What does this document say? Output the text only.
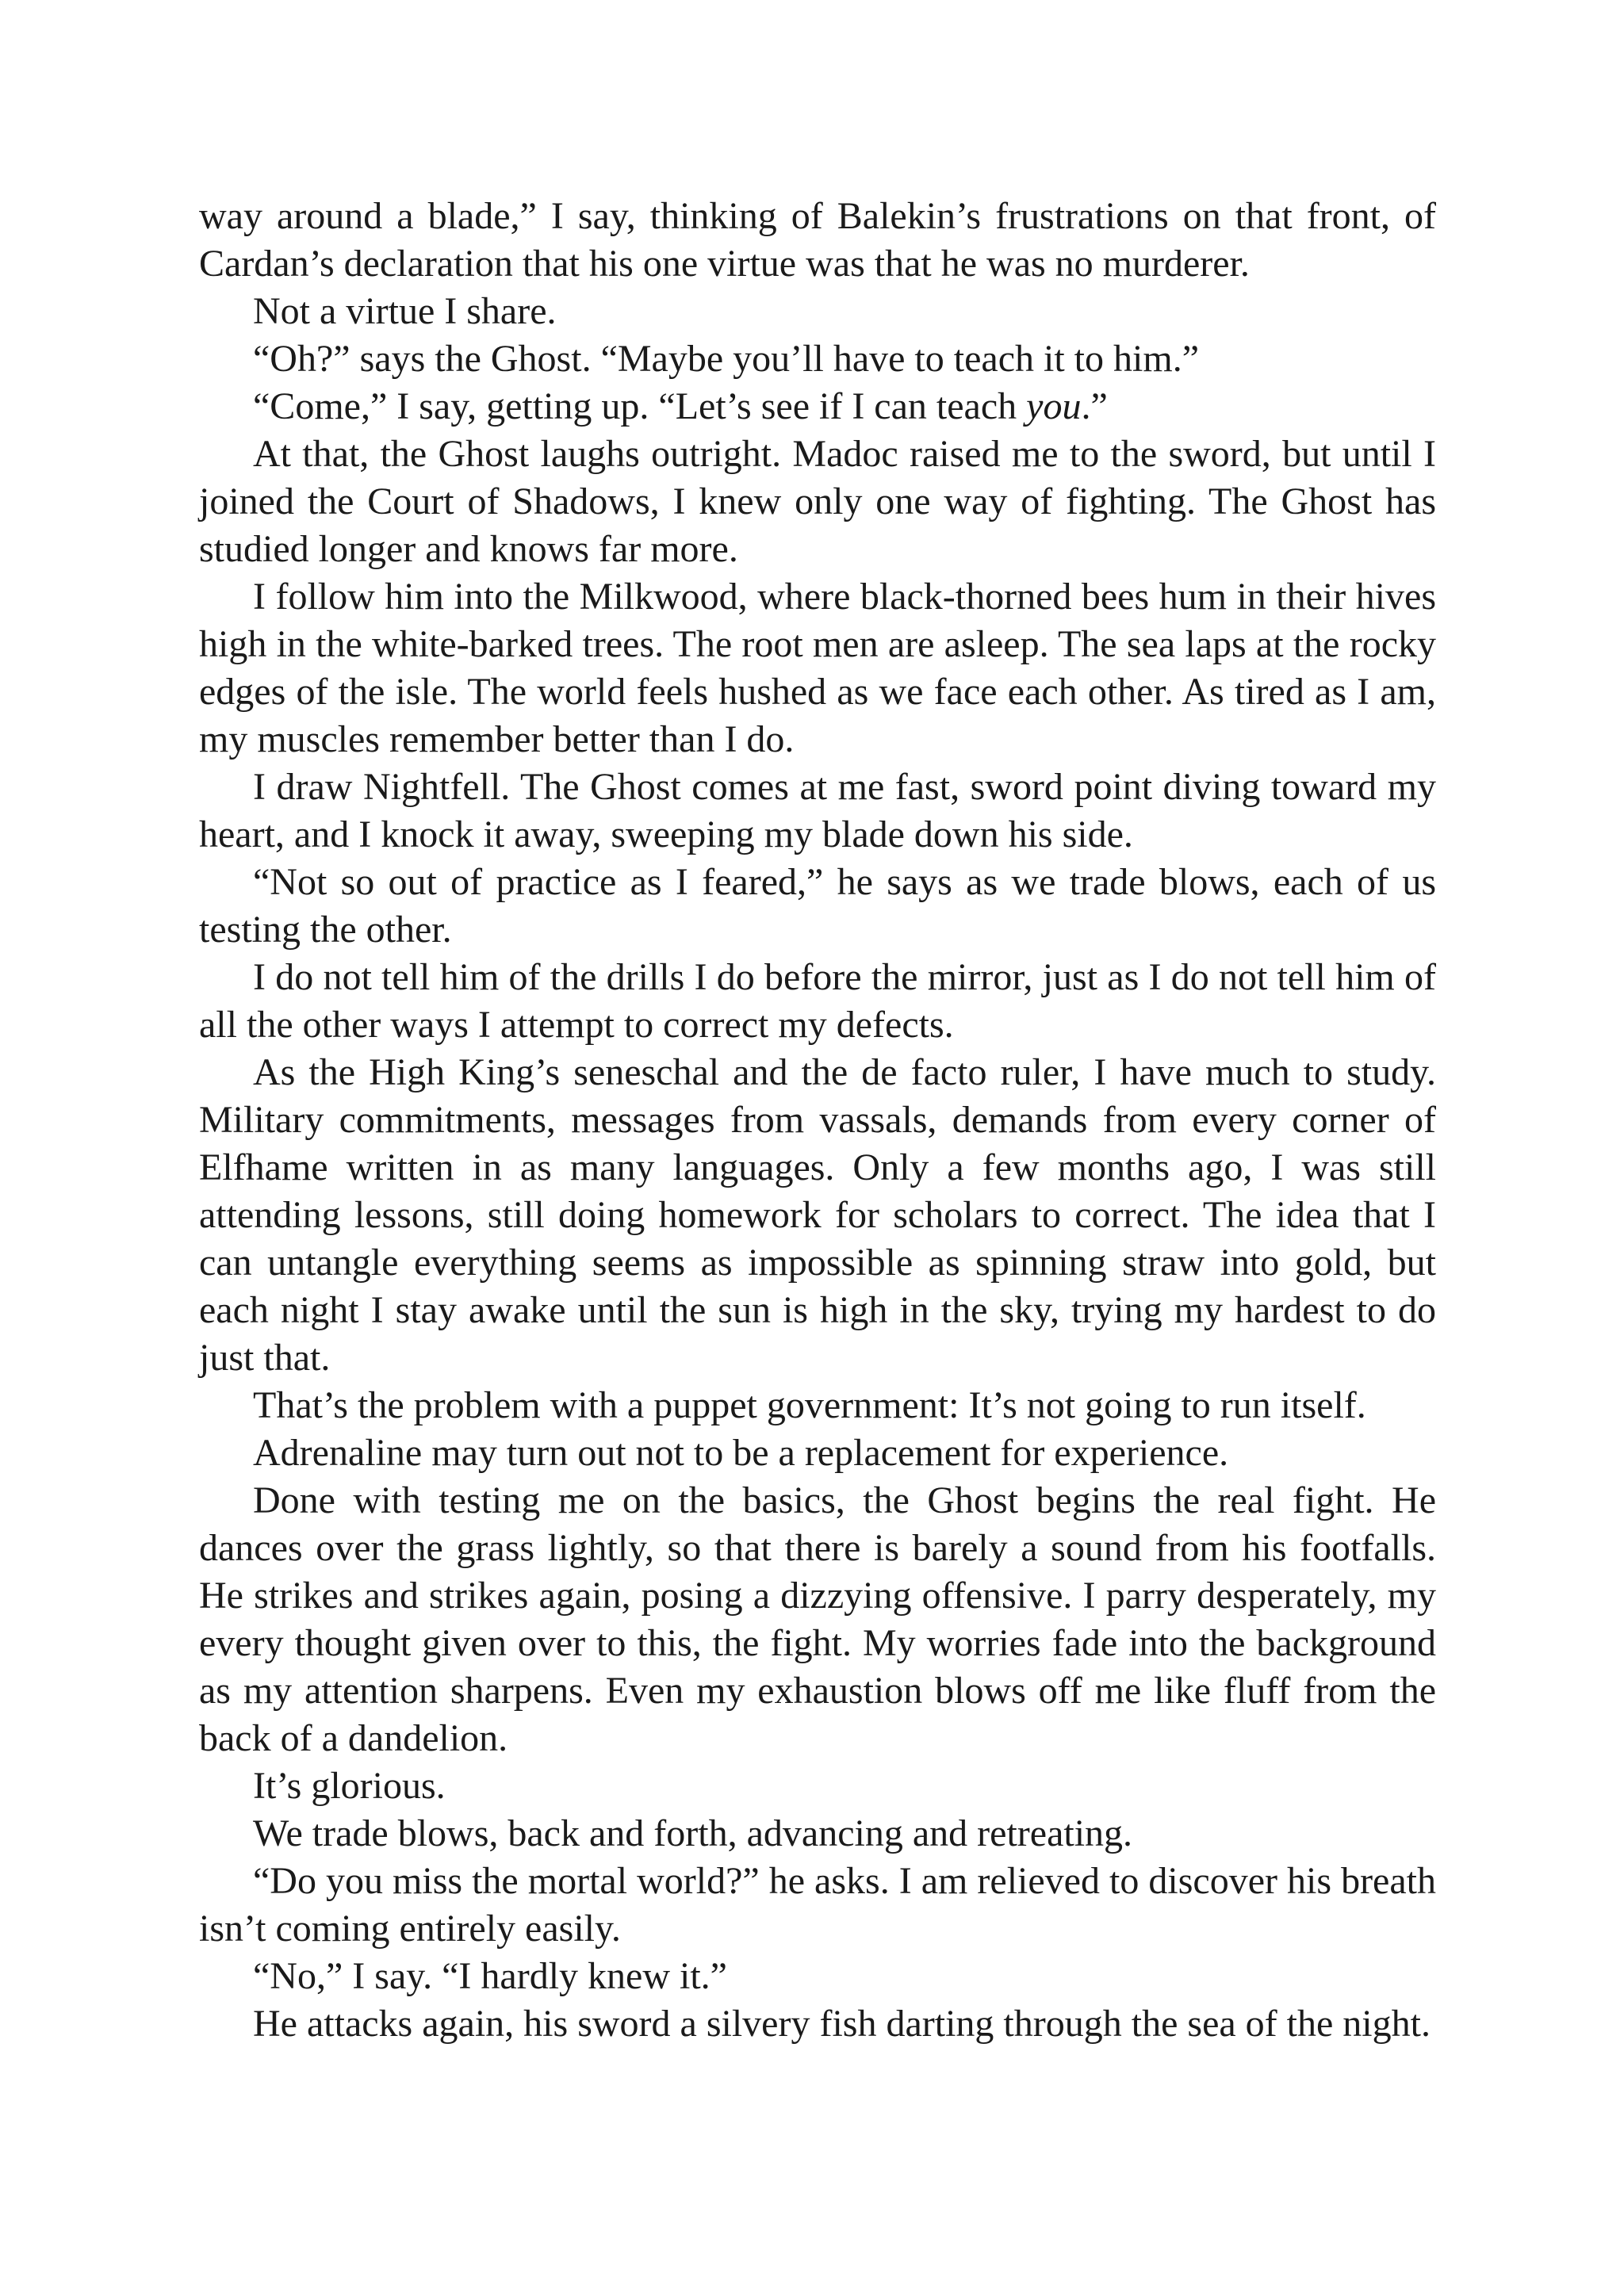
way around a blade,” I say, thinking of Balekin’s frustrations on that front, of Cardan’s declaration that his one virtue was that he was no murderer.

Not a virtue I share.

“Oh?” says the Ghost. “Maybe you’ll have to teach it to him.”

“Come,” I say, getting up. “Let’s see if I can teach you.”

At that, the Ghost laughs outright. Madoc raised me to the sword, but until I joined the Court of Shadows, I knew only one way of fighting. The Ghost has studied longer and knows far more.

I follow him into the Milkwood, where black-thorned bees hum in their hives high in the white-barked trees. The root men are asleep. The sea laps at the rocky edges of the isle. The world feels hushed as we face each other. As tired as I am, my muscles remember better than I do.

I draw Nightfell. The Ghost comes at me fast, sword point diving toward my heart, and I knock it away, sweeping my blade down his side.

“Not so out of practice as I feared,” he says as we trade blows, each of us testing the other.

I do not tell him of the drills I do before the mirror, just as I do not tell him of all the other ways I attempt to correct my defects.

As the High King’s seneschal and the de facto ruler, I have much to study. Military commitments, messages from vassals, demands from every corner of Elfhame written in as many languages. Only a few months ago, I was still attending lessons, still doing homework for scholars to correct. The idea that I can untangle everything seems as impossible as spinning straw into gold, but each night I stay awake until the sun is high in the sky, trying my hardest to do just that.

That’s the problem with a puppet government: It’s not going to run itself.

Adrenaline may turn out not to be a replacement for experience.

Done with testing me on the basics, the Ghost begins the real fight. He dances over the grass lightly, so that there is barely a sound from his footfalls. He strikes and strikes again, posing a dizzying offensive. I parry desperately, my every thought given over to this, the fight. My worries fade into the background as my attention sharpens. Even my exhaustion blows off me like fluff from the back of a dandelion.

It’s glorious.

We trade blows, back and forth, advancing and retreating.

“Do you miss the mortal world?” he asks. I am relieved to discover his breath isn’t coming entirely easily.

“No,” I say. “I hardly knew it.”

He attacks again, his sword a silvery fish darting through the sea of the night.
